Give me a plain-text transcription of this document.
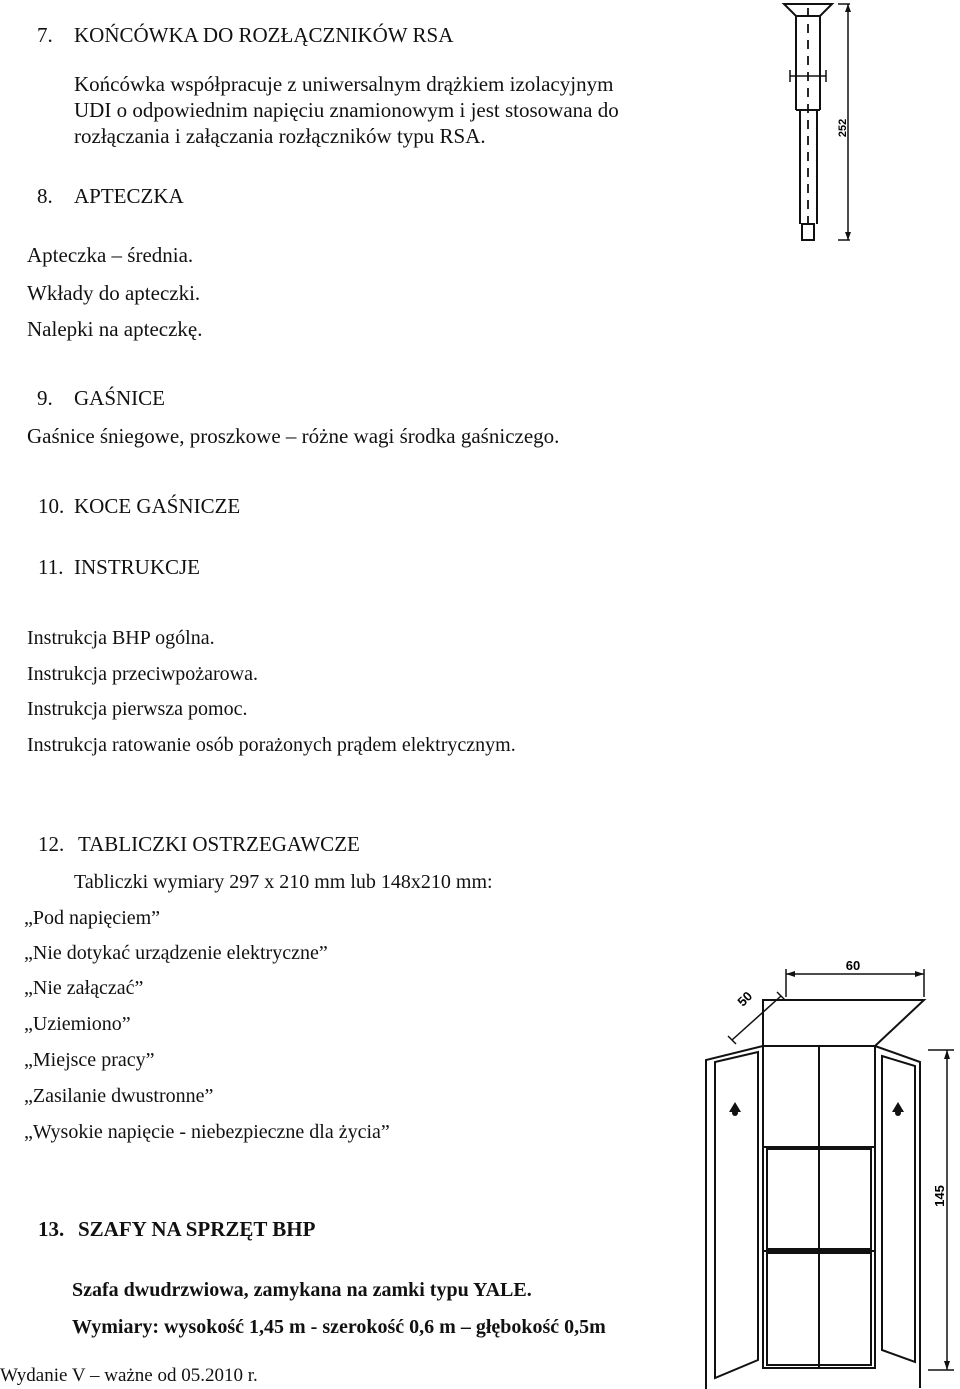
7. KOŃCÓWKA DO ROZŁĄCZNIKÓW RSA
Końcówka współpracuje z uniwersalnym drążkiem izolacyjnym
UDI o odpowiednim napięciu znamionowym i jest stosowana do
rozłączania i załączania rozłączników typu RSA.
8. APTECZKA
Apteczka – średnia.
Wkłady do apteczki.
Nalepki na apteczkę.
9. GAŚNICE
Gaśnice śniegowe, proszkowe – różne wagi środka gaśniczego.
10. KOCE GAŚNICZE
11. INSTRUKCJE
Instrukcja BHP ogólna.
Instrukcja przeciwpożarowa.
Instrukcja pierwsza pomoc.
Instrukcja ratowanie osób porażonych prądem elektrycznym.
12. TABLICZKI OSTRZEGAWCZE
Tabliczki wymiary 297 x 210 mm lub 148x210 mm:
„Pod napięciem”
„Nie dotykać urządzenie elektryczne”
„Nie załączać”
„Uziemiono”
„Miejsce pracy”
„Zasilanie dwustronne”
„Wysokie napięcie - niebezpieczne dla życia”
13. SZAFY NA SPRZĘT BHP
Szafa dwudrzwiowa, zamykana na zamki typu YALE.
Wymiary: wysokość 1,45 m - szerokość 0,6 m – głębokość 0,5m
Wydanie V – ważne od 05.2010 r.
252
60
50
145
